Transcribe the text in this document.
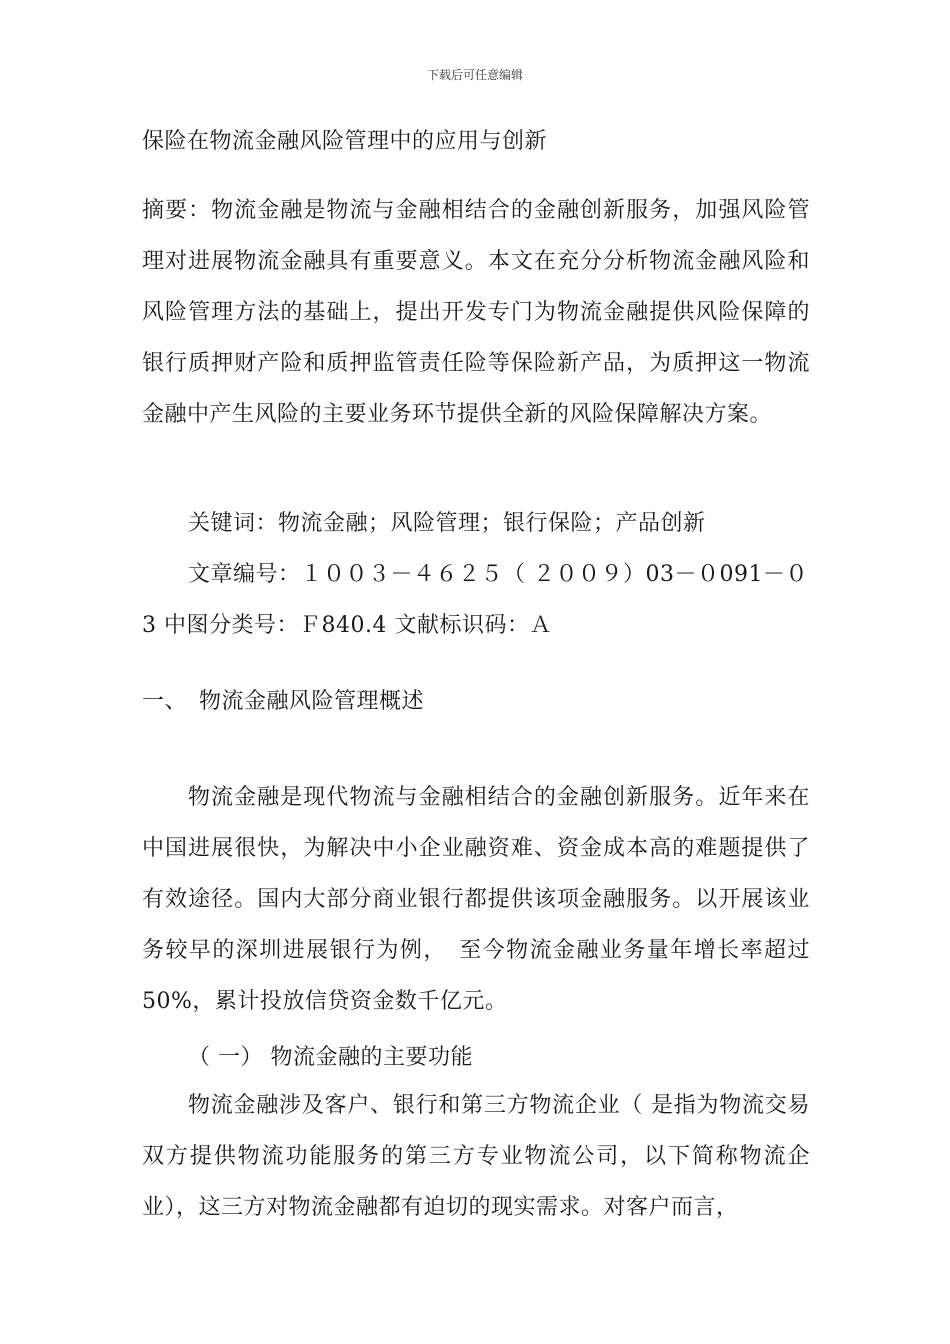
下载后可任意编辑
保险在物流金融风险管理中的应用与创新
摘要：物流金融是物流与金融相结合的金融创新服务，加强风险管理对进展物流金融具有重要意义。本文在充分分析物流金融风险和风险管理方法的基础上，提出开发专门为物流金融提供风险保障的银行质押财产险和质押监管责任险等保险新产品，为质押这一物流金融中产生风险的主要业务环节提供全新的风险保障解决方案。
关键词：物流金融；风险管理；银行保险；产品创新
文章编号：１００３－４６２５（ ２００９）03－０091－０
3 中图分类号：Ｆ840.4 文献标识码：Ａ
一、 物流金融风险管理概述
物流金融是现代物流与金融相结合的金融创新服务。近年来在中国进展很快，为解决中小企业融资难、资金成本高的难题提供了有效途径。国内大部分商业银行都提供该项金融服务。以开展该业务较早的深圳进展银行为例，　至今物流金融业务量年增长率超过 50%，累计投放信贷资金数千亿元。
（ 一） 物流金融的主要功能
物流金融涉及客户、银行和第三方物流企业（ 是指为物流交易双方提供物流功能服务的第三方专业物流公司，以下简称物流企业），这三方对物流金融都有迫切的现实需求。对客户而言，
